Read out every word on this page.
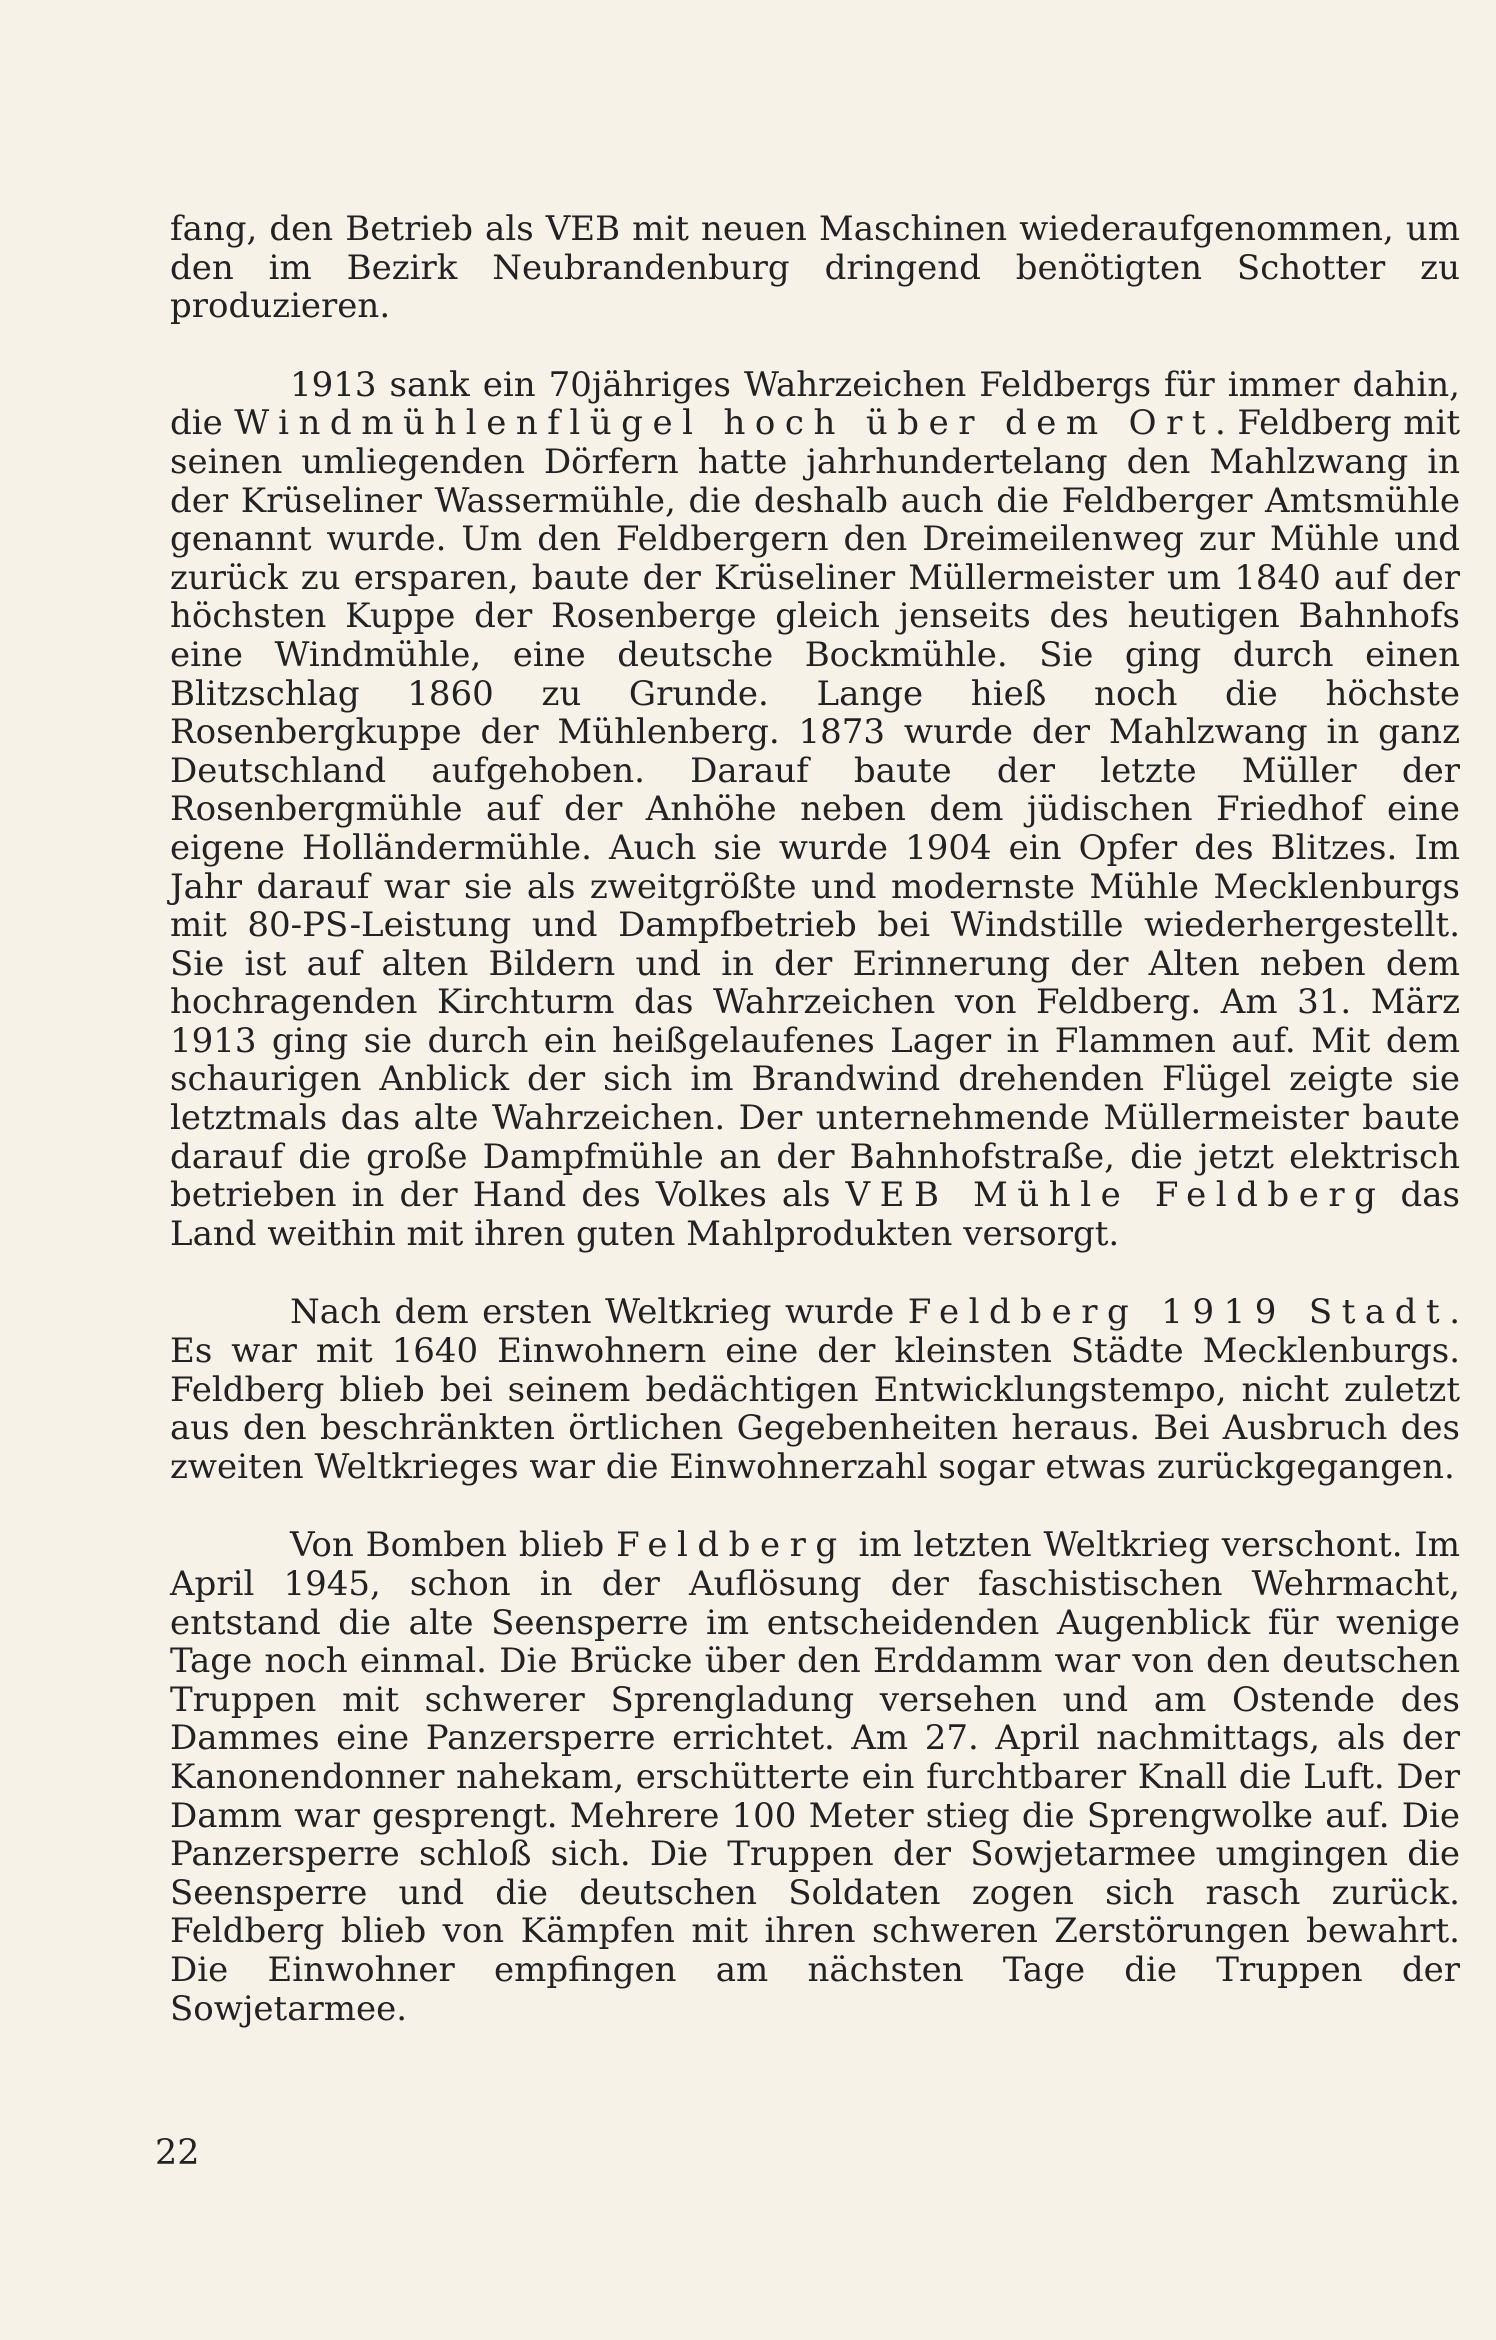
fang, den Betrieb als VEB mit neuen Maschinen wiederaufgenommen, um den im Bezirk Neubrandenburg dringend benötigten Schotter zu produzieren.

1913 sank ein 70jähriges Wahrzeichen Feldbergs für immer dahin, die Windmühlenflügel hoch über dem Ort. Feldberg mit seinen umliegenden Dörfern hatte jahrhundertelang den Mahlzwang in der Krüseliner Wassermühle, die deshalb auch die Feldberger Amtsmühle genannt wurde. Um den Feldbergern den Dreimeilenweg zur Mühle und zurück zu ersparen, baute der Krüseliner Müllermeister um 1840 auf der höchsten Kuppe der Rosenberge gleich jenseits des heutigen Bahnhofs eine Windmühle, eine deutsche Bockmühle. Sie ging durch einen Blitzschlag 1860 zu Grunde. Lange hieß noch die höchste Rosenbergkuppe der Mühlenberg. 1873 wurde der Mahlzwang in ganz Deutschland aufgehoben. Darauf baute der letzte Müller der Rosenbergmühle auf der Anhöhe neben dem jüdischen Friedhof eine eigene Holländermühle. Auch sie wurde 1904 ein Opfer des Blitzes. Im Jahr darauf war sie als zweitgrößte und modernste Mühle Mecklenburgs mit 80-PS-Leistung und Dampfbetrieb bei Windstille wiederhergestellt. Sie ist auf alten Bildern und in der Erinnerung der Alten neben dem hochragenden Kirchturm das Wahrzeichen von Feldberg. Am 31. März 1913 ging sie durch ein heißgelaufenes Lager in Flammen auf. Mit dem schaurigen Anblick der sich im Brandwind drehenden Flügel zeigte sie letztmals das alte Wahrzeichen. Der unternehmende Müllermeister baute darauf die große Dampfmühle an der Bahnhofstraße, die jetzt elektrisch betrieben in der Hand des Volkes als VEB Mühle Feldberg das Land weithin mit ihren guten Mahlprodukten versorgt.

Nach dem ersten Weltkrieg wurde Feldberg 1919 Stadt. Es war mit 1640 Einwohnern eine der kleinsten Städte Mecklenburgs. Feldberg blieb bei seinem bedächtigen Entwicklungstempo, nicht zuletzt aus den beschränkten örtlichen Gegebenheiten heraus. Bei Ausbruch des zweiten Weltkrieges war die Einwohnerzahl sogar etwas zurückgegangen.

Von Bomben blieb Feldberg im letzten Weltkrieg verschont. Im April 1945, schon in der Auflösung der faschistischen Wehrmacht, entstand die alte Seensperre im entscheidenden Augenblick für wenige Tage noch einmal. Die Brücke über den Erddamm war von den deutschen Truppen mit schwerer Sprengladung versehen und am Ostende des Dammes eine Panzersperre errichtet. Am 27. April nachmittags, als der Kanonendonner nahekam, erschütterte ein furchtbarer Knall die Luft. Der Damm war gesprengt. Mehrere 100 Meter stieg die Sprengwolke auf. Die Panzersperre schloß sich. Die Truppen der Sowjetarmee umgingen die Seensperre und die deutschen Soldaten zogen sich rasch zurück. Feldberg blieb von Kämpfen mit ihren schweren Zerstörungen bewahrt. Die Einwohner empfingen am nächsten Tage die Truppen der Sowjetarmee.

22
